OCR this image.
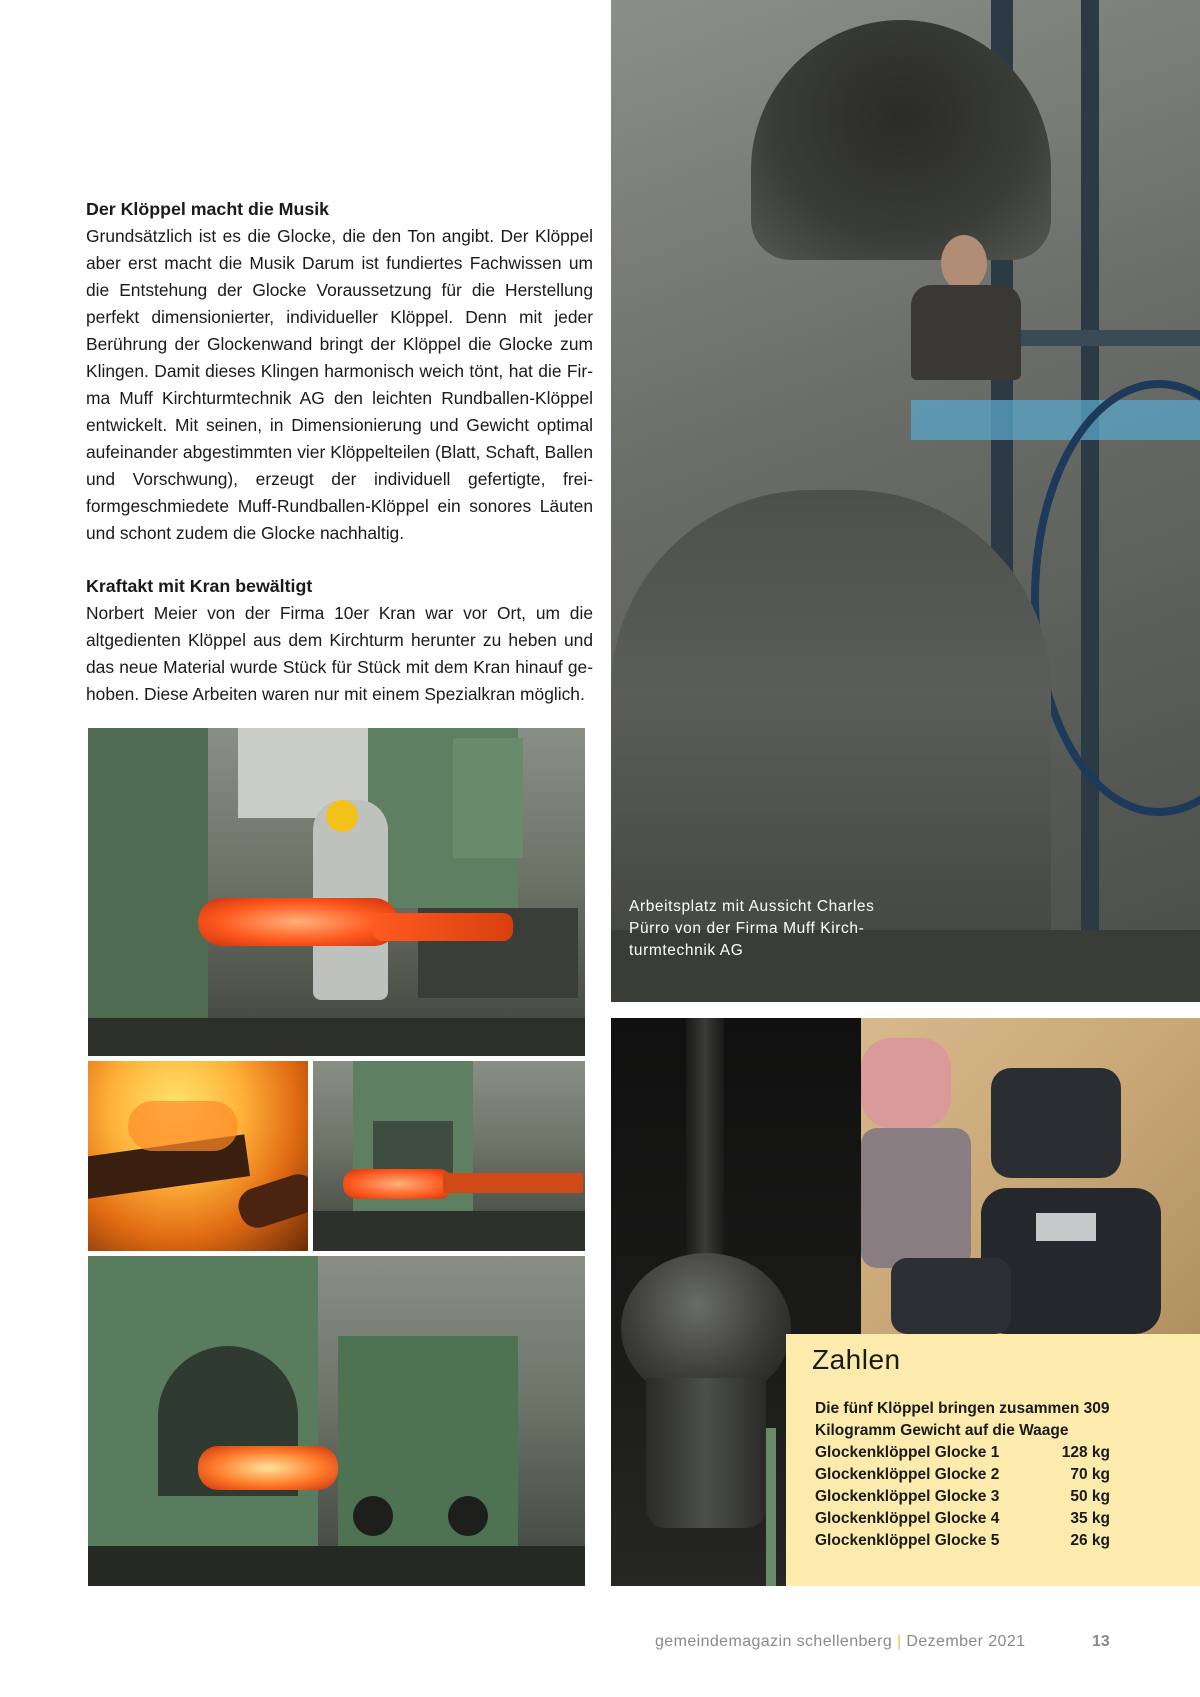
Der Klöppel macht die Musik

Grundsätzlich ist es die Glocke, die den Ton angibt. Der Klöppel aber erst macht die Musik Darum ist fundiertes Fachwissen um die Entstehung der Glocke Voraussetzung für die Herstellung perfekt dimensionierter, individueller Klöppel. Denn mit jeder Berührung der Glockenwand bringt der Klöppel die Glocke zum Klingen. Damit dieses Klingen harmonisch weich tönt, hat die Firma Muff Kirchturmtechnik AG den leichten Rundballen-Klöppel entwickelt. Mit seinen, in Dimensionierung und Gewicht optimal aufeinander abgestimmten vier Klöppelteilen (Blatt, Schaft, Ballen und Vorschwung), erzeugt der individuell gefertigte, freiformgeschmiedete Muff-Rundballen-Klöppel ein sonores Läuten und schont zudem die Glocke nachhaltig.

Kraftakt mit Kran bewältigt

Norbert Meier von der Firma 10er Kran war vor Ort, um die altgedienten Klöppel aus dem Kirchturm herunter zu heben und das neue Material wurde Stück für Stück mit dem Kran hinauf gehoben. Diese Arbeiten waren nur mit einem Spezialkran möglich.

Arbeitsplatz mit Aussicht Charles
Pürro von der Firma Muff Kirch-
turmtechnik AG
Zahlen
Die fünf Klöppel bringen zusammen 309
Kilogramm Gewicht auf die Waage
Glockenklöppel Glocke 1	128 kg
Glockenklöppel Glocke 2	70 kg
Glockenklöppel Glocke 3	50 kg
Glockenklöppel Glocke 4	35 kg
Glockenklöppel Glocke 5	26 kg
gemeindemagazin schellenberg | Dezember 2021	13
